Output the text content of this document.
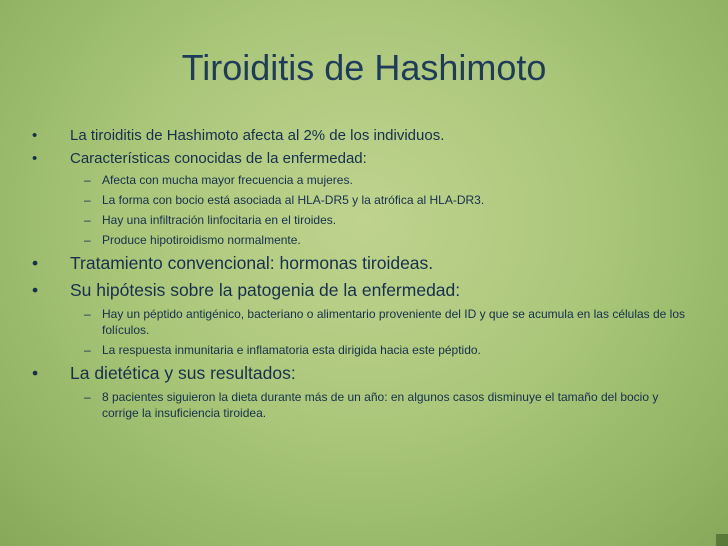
Tiroiditis de Hashimoto
•	La tiroiditis de Hashimoto afecta al 2% de los individuos.
•	Características conocidas de la enfermedad:
– Afecta con mucha mayor frecuencia a mujeres.
– La forma con bocio está asociada al HLA-DR5 y la atrófica al HLA-DR3.
– Hay una infiltración linfocitaria en el tiroides.
– Produce hipotiroidismo normalmente.
•	Tratamiento convencional: hormonas tiroideas.
•	Su hipótesis sobre la patogenia de la enfermedad:
– Hay un péptido antigénico, bacteriano o alimentario proveniente del ID y que se acumula en las células de los folículos.
– La respuesta inmunitaria e inflamatoria esta dirigida hacia este péptido.
•	La dietética y sus resultados:
– 8 pacientes siguieron la dieta durante más de un año: en algunos casos disminuye el tamaño del bocio y corrige la insuficiencia tiroidea.
